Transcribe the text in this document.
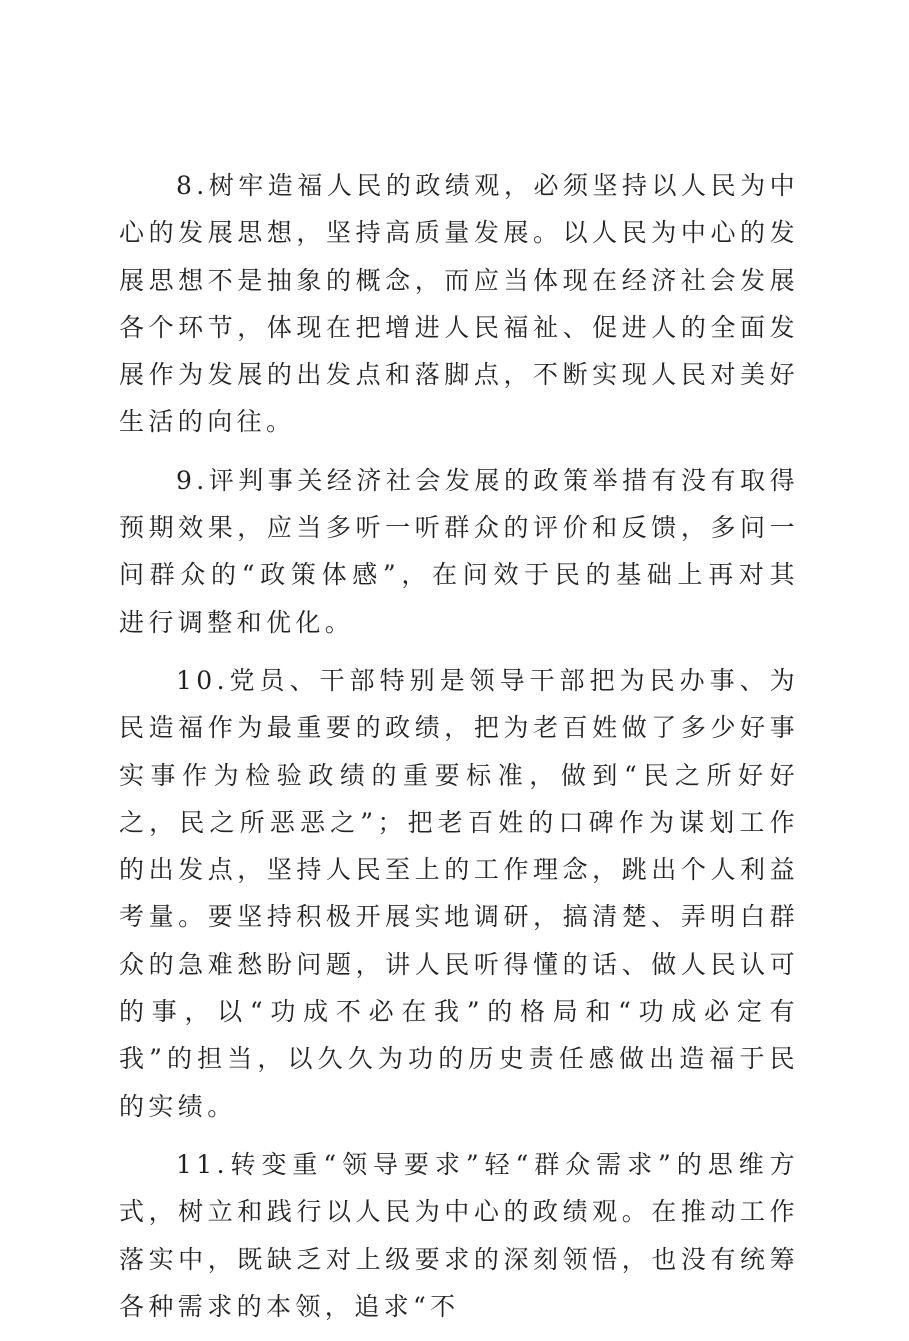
8.树牢造福人民的政绩观，必须坚持以人民为中心的发展思想，坚持高质量发展。以人民为中心的发展思想不是抽象的概念，而应当体现在经济社会发展各个环节，体现在把增进人民福祉、促进人的全面发展作为发展的出发点和落脚点，不断实现人民对美好生活的向往。

9.评判事关经济社会发展的政策举措有没有取得预期效果，应当多听一听群众的评价和反馈，多问一问群众的“政策体感”，在问效于民的基础上再对其进行调整和优化。

10.党员、干部特别是领导干部把为民办事、为民造福作为最重要的政绩，把为老百姓做了多少好事实事作为检验政绩的重要标准，做到“民之所好好之，民之所恶恶之”；把老百姓的口碑作为谋划工作的出发点，坚持人民至上的工作理念，跳出个人利益考量。要坚持积极开展实地调研，搞清楚、弄明白群众的急难愁盼问题，讲人民听得懂的话、做人民认可的事，以“功成不必在我”的格局和“功成必定有我”的担当，以久久为功的历史责任感做出造福于民的实绩。

11.转变重“领导要求”轻“群众需求”的思维方式，树立和践行以人民为中心的政绩观。在推动工作落实中，既缺乏对上级要求的深刻领悟，也没有统筹各种需求的本领，追求“不
